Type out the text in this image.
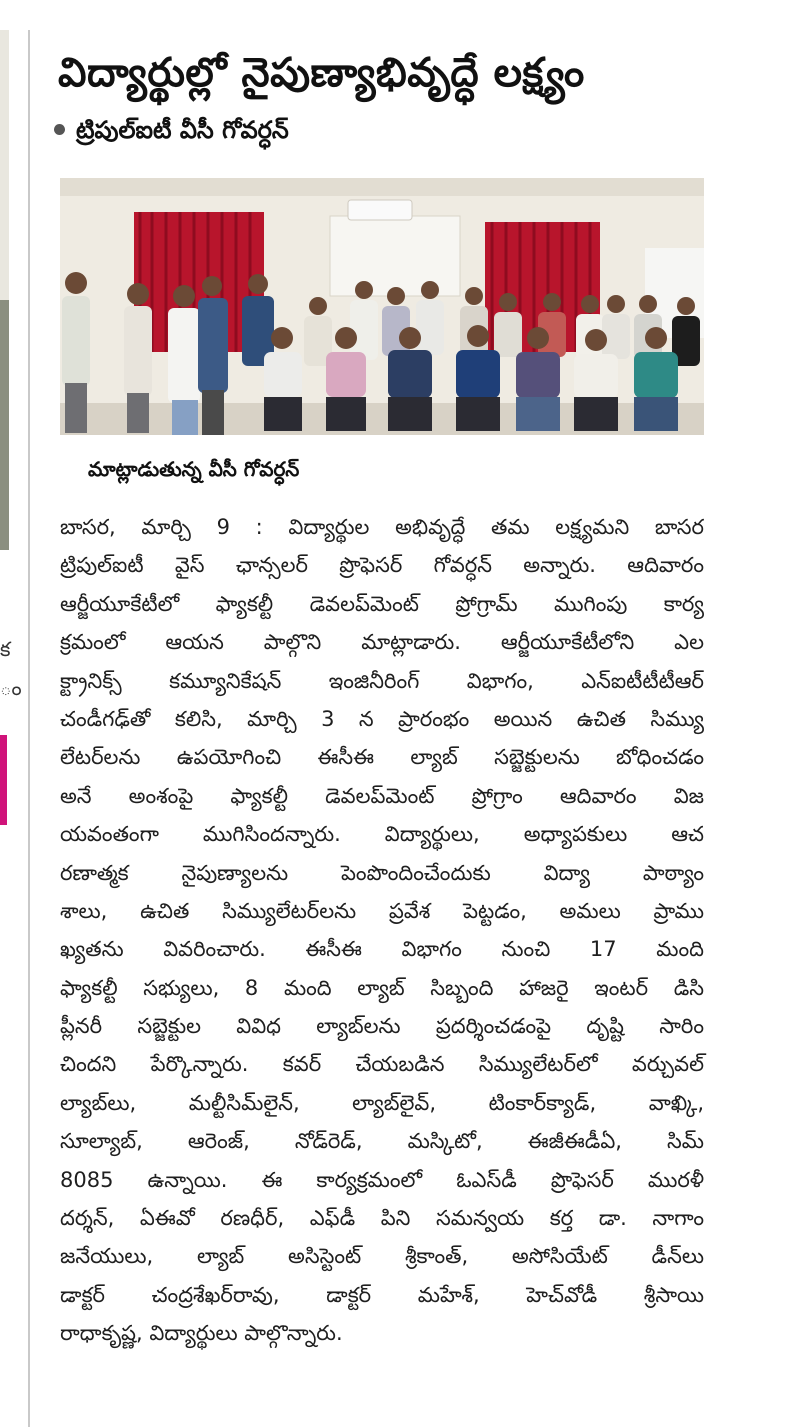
క
ం
విద్యార్థుల్లో నైపుణ్యాభివృద్ధే లక్ష్యం
ట్రిపుల్‌ఐటీ వీసీ గోవర్ధన్
మాట్లాడుతున్న వీసీ గోవర్ధన్
బాసర, మార్చి 9 : విద్యార్థుల అభివృద్ధే తమ లక్ష్యమని బాసర
ట్రిపుల్‌ఐటీ వైస్ ఛాన్సలర్ ప్రొఫెసర్ గోవర్ధన్ అన్నారు. ఆదివారం
ఆర్జీయూకేటీలో ఫ్యాకల్టీ డెవలప్‌మెంట్ ప్రోగ్రామ్ ముగింపు కార్య
క్రమంలో ఆయన పాల్గొని మాట్లాడారు. ఆర్జీయూకేటీలోని ఎల
క్ట్రానిక్స్ కమ్యూనికేషన్ ఇంజినీరింగ్ విభాగం, ఎన్ఐటీటీటీఆర్
చండీగఢ్‌తో కలిసి, మార్చి 3 న ప్రారంభం అయిన ఉచిత సిమ్యు
లేటర్‌లను ఉపయోగించి ఈసీఈ ల్యాబ్ సబ్జెక్టులను బోధించడం
అనే అంశంపై ఫ్యాకల్టీ డెవలప్‌మెంట్ ప్రోగ్రాం ఆదివారం విజ
యవంతంగా ముగిసిందన్నారు. విద్యార్థులు, అధ్యాపకులు ఆచ
రణాత్మక నైపుణ్యాలను పెంపొందించేందుకు విద్యా పాఠ్యాం
శాలు, ఉచిత సిమ్యులేటర్‌లను ప్రవేశ పెట్టడం, అమలు ప్రాము
ఖ్యతను వివరించారు. ఈసీఈ విభాగం నుంచి 17 మంది
ఫ్యాకల్టీ సభ్యులు, 8 మంది ల్యాబ్ సిబ్బంది హాజరై ఇంటర్ డిసి
ప్లీనరీ సబ్జెక్టుల వివిధ ల్యాబ్‌లను ప్రదర్శించడంపై దృష్టి సారిం
చిందని పేర్కొన్నారు. కవర్ చేయబడిన సిమ్యులేటర్‌లో వర్చువల్
ల్యాబ్‌లు, మల్టీసిమ్‌లైన్, ల్యాబ్‌లైవ్, టింకార్‌క్యాడ్, వాఖ్కి,
సూల్యాబ్, ఆరెంజ్, నోడ్‌రెడ్, మస్కిటో, ఈజీఈడీఏ, సిమ్
8085 ఉన్నాయి. ఈ కార్యక్రమంలో ఓఎస్‌డీ ప్రొఫెసర్ మురళీ
దర్శన్, ఏఈవో రణధీర్, ఎఫ్‌డీ పిని సమన్వయ కర్త డా. నాగాం
జనేయులు, ల్యాబ్ అసిస్టెంట్ శ్రీకాంత్, అసోసియేట్ డీన్‌లు
డాక్టర్ చంద్రశేఖర్‌రావు, డాక్టర్ మహేశ్, హెచ్‌వోడీ శ్రీసాయి
రాధాకృష్ణ, విద్యార్థులు పాల్గొన్నారు.
